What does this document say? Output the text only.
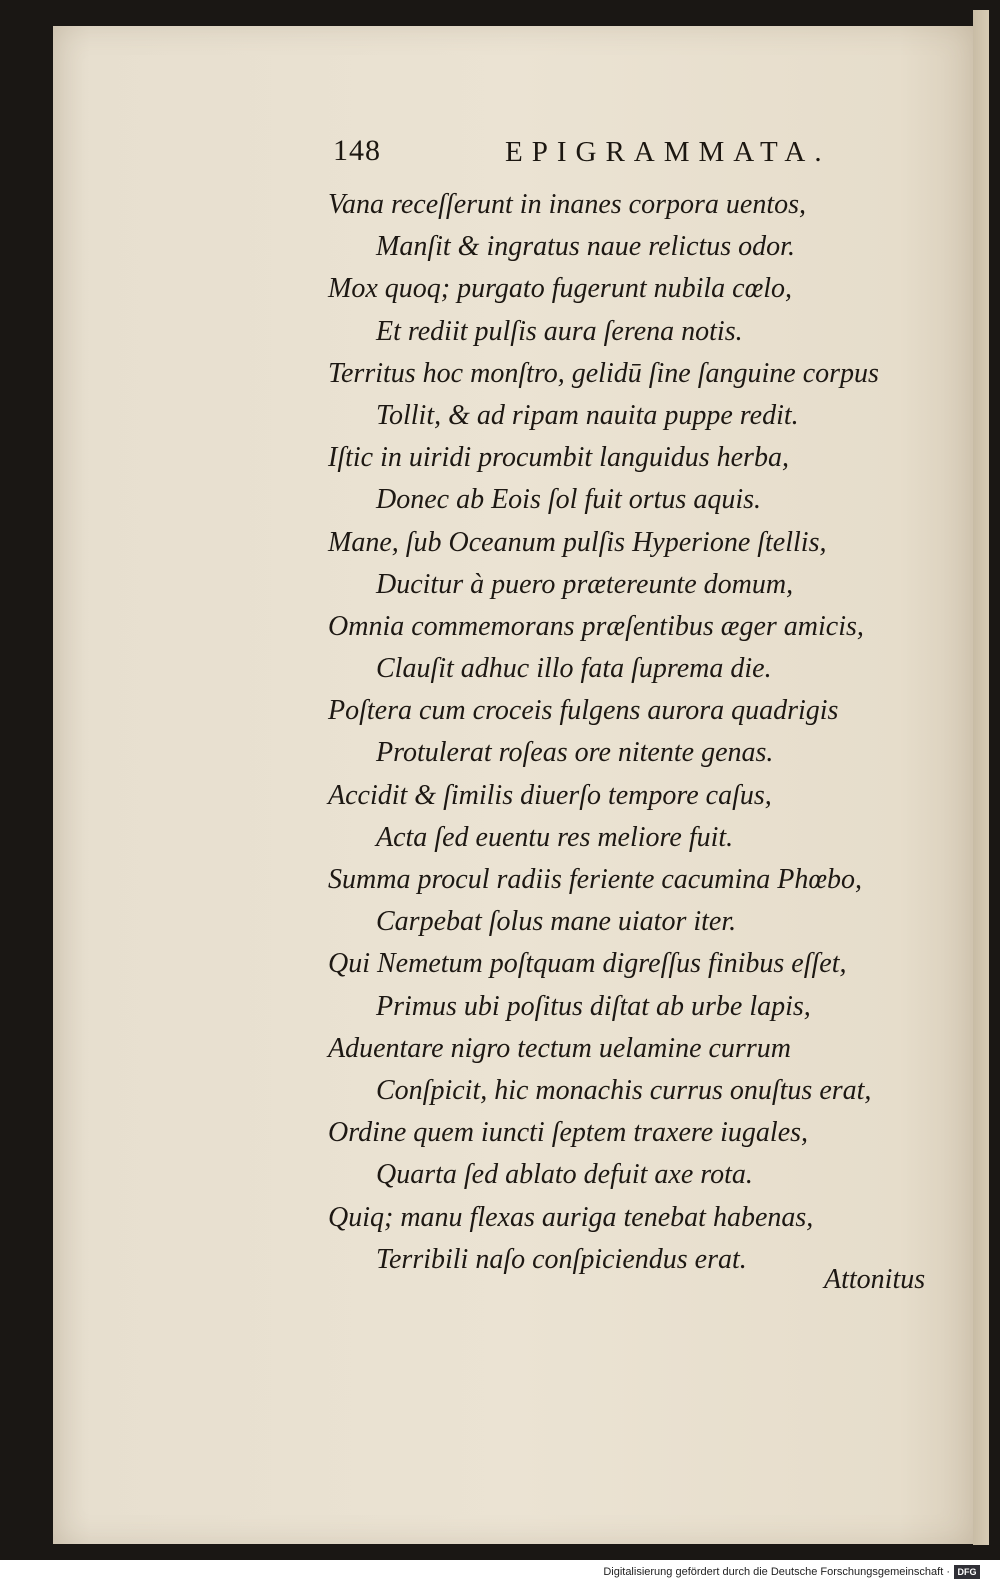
148	EPIGRAMMATA.
Vana receſſerunt in inanes corpora uentos,
Manſit & ingratus naue relictus odor.
Mox quoq; purgato fugerunt nubila cœlo,
Et rediit pulſis aura ſerena notis.
Territus hoc monſtro, gelidū ſine ſanguine corpus
Tollit, & ad ripam nauita puppe redit.
Iſtic in uiridi procumbit languidus herba,
Donec ab Eois ſol fuit ortus aquis.
Mane, ſub Oceanum pulſis Hyperione ſtellis,
Ducitur à puero prætereunte domum,
Omnia commemorans præſentibus æger amicis,
Clauſit adhuc illo fata ſuprema die.
Poſtera cum croceis fulgens aurora quadrigis
Protulerat roſeas ore nitente genas.
Accidit & ſimilis diuerſo tempore caſus,
Acta ſed euentu res meliore fuit.
Summa procul radiis feriente cacumina Phœbo,
Carpebat ſolus mane uiator iter.
Qui Nemetum poſtquam digreſſus finibus eſſet,
Primus ubi poſitus diſtat ab urbe lapis,
Aduentare nigro tectum uelamine currum
Conſpicit, hic monachis currus onuſtus erat,
Ordine quem iuncti ſeptem traxere iugales,
Quarta ſed ablato defuit axe rota.
Quiq; manu flexas auriga tenebat habenas,
Terribili naſo conſpiciendus erat.
Attonitus
Digitalisierung gefördert durch die Deutsche Forschungsgemeinschaft · DFG
